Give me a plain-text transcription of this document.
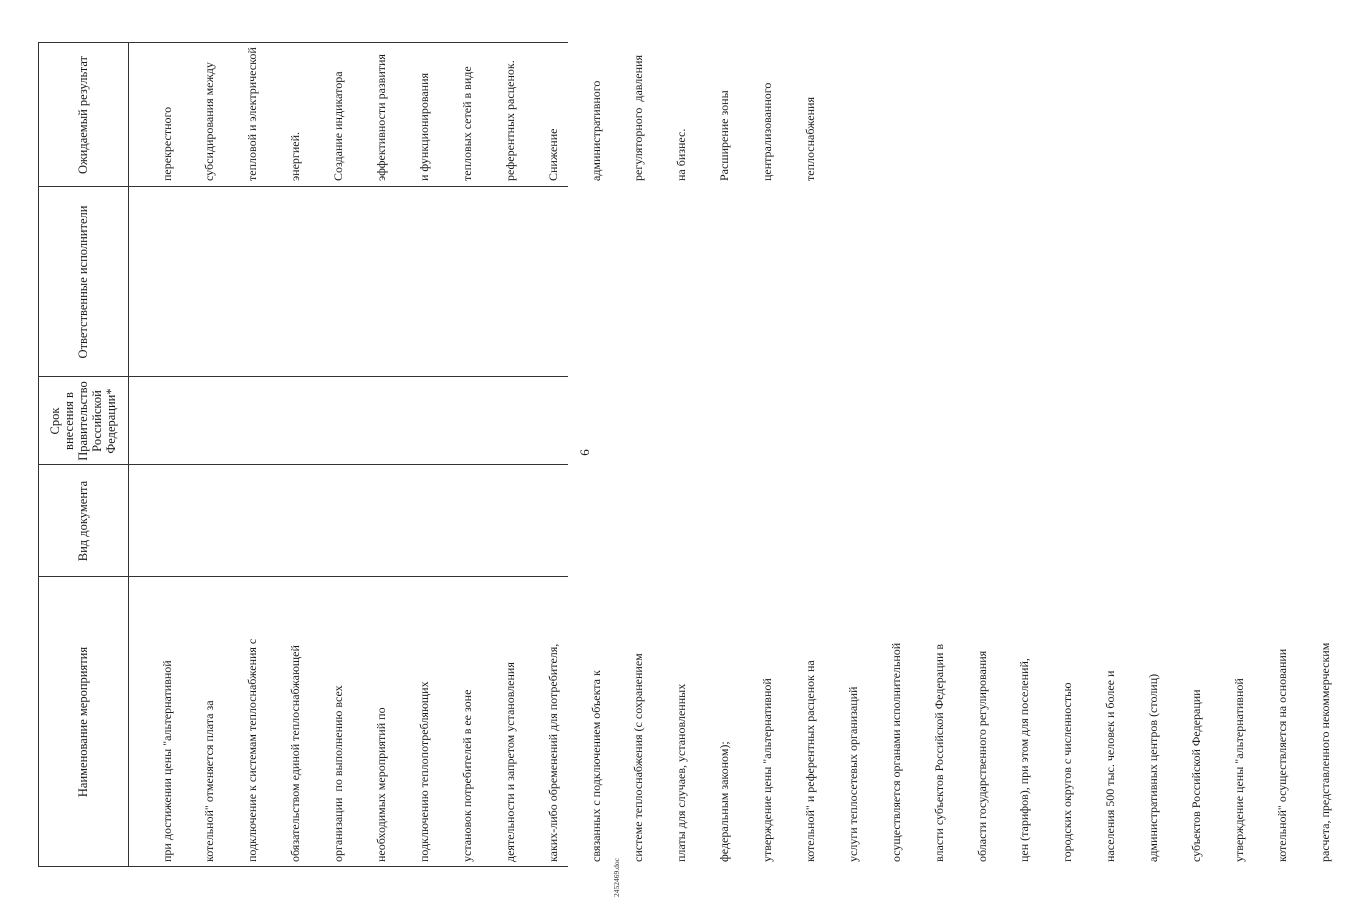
6
Наименование мероприятия
Вид документа
Срок внесения в Правительство Российской Федерации*
Ответственные исполнители
Ожидаемый результат

при достижении цены "альтернативной

котельной" отменяется плата за

подключение к системам теплоснабжения с

обязательством единой теплоснабжающей

организации  по выполнению всех

необходимых мероприятий по

подключению теплопотребляющих

установок потребителей в ее зоне

деятельности и запретом установления

каких-либо обременений для потребителя,

связанных с подключением объекта к

системе теплоснабжения (с сохранением

платы для случаев, установленных

федеральным законом);

утверждение цены "альтернативной

котельной" и референтных расценок на

услуги теплосетевых организаций

осуществляется органами исполнительной

власти субъектов Российской Федерации в

области государственного регулирования

цен (тарифов), при этом для поселений,

городских округов с численностью

населения 500 тыс. человек и более и

административных центров (столиц)

субъектов Российской Федерации

утверждение цены "альтернативной

котельной" осуществляется на основании

расчета, представленного некоммерческим

перекрестного

субсидирования между

тепловой и электрической

энергией.

Создание индикатора

эффективности развития

и функционирования

тепловых сетей в виде

референтных расценок.

Снижение

административного

регуляторного  давления

на бизнес.

Расширение зоны

централизованного

теплоснабжения

2452469.doc
